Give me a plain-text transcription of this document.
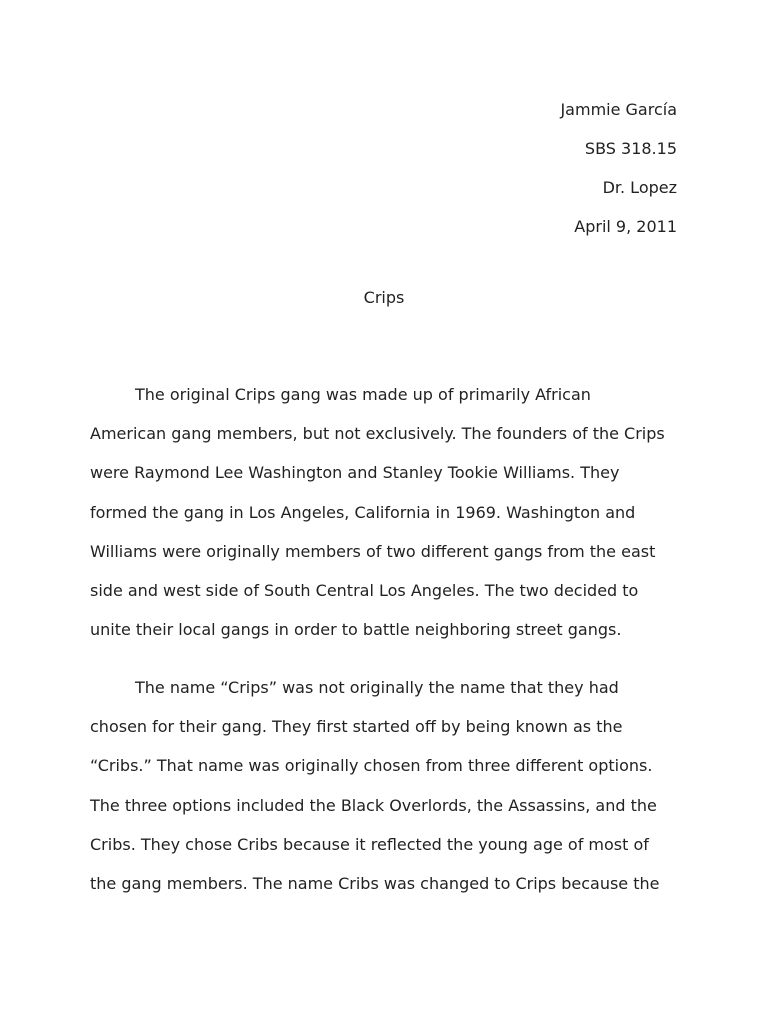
Jammie García
SBS 318.15
Dr. Lopez
April 9, 2011
Crips
The original Crips gang was made up of primarily African
American gang members, but not exclusively. The founders of the Crips
were Raymond Lee Washington and Stanley Tookie Williams. They
formed the gang in Los Angeles, California in 1969. Washington and
Williams were originally members of two different gangs from the east
side and west side of South Central Los Angeles. The two decided to
unite their local gangs in order to battle neighboring street gangs.
The name “Crips” was not originally the name that they had
chosen for their gang. They first started off by being known as the
“Cribs.” That name was originally chosen from three different options.
The three options included the Black Overlords, the Assassins, and the
Cribs. They chose Cribs because it reflected the young age of most of
the gang members. The name Cribs was changed to Crips because the
